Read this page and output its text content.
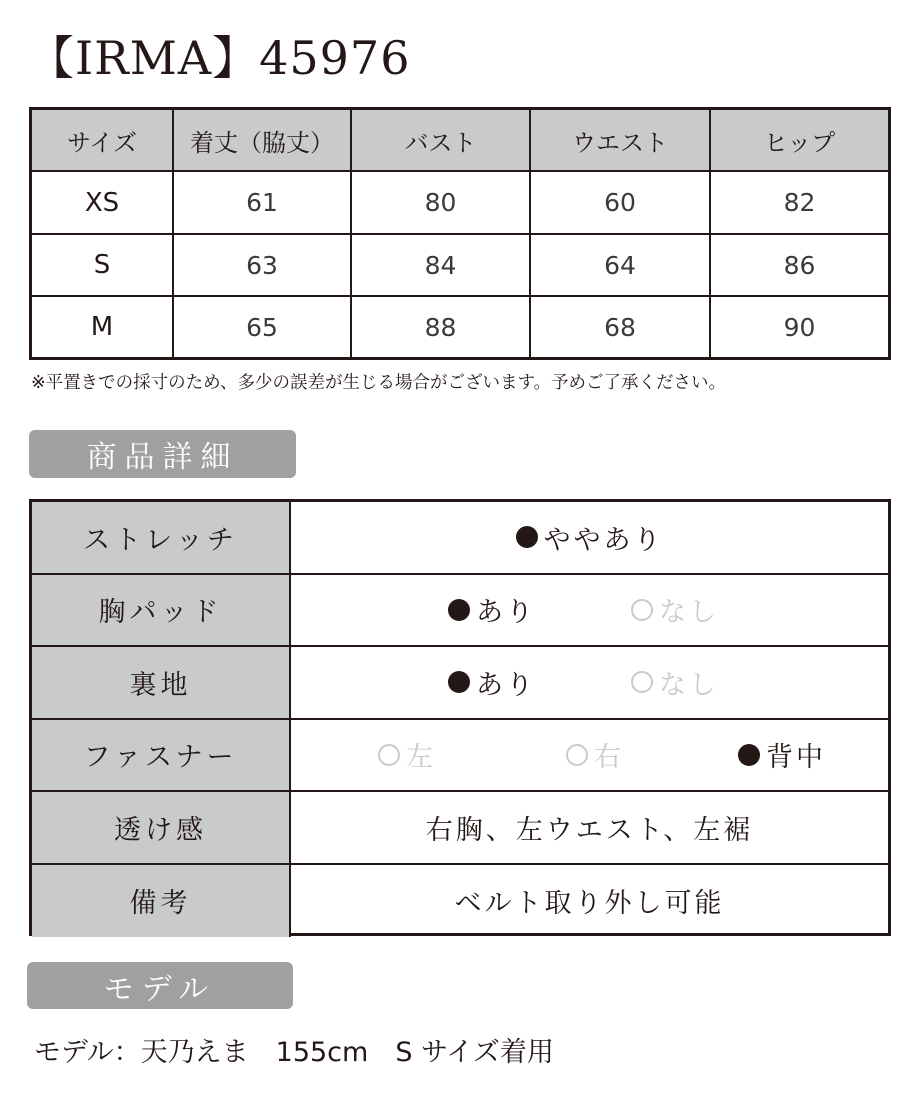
【IRMA】45976
サイズ	着丈（脇丈）	バスト	ウエスト	ヒップ
XS	61	80	60	82
S	63	84	64	86
M	65	88	68	90
※平置きでの採寸のため、多少の誤差が生じる場合がございます。予めご了承ください。
商品詳細
ストレッチ	ややあり
胸パッド	あり	なし
裏地	あり	なし
ファスナー	左	右	背中
透け感	右胸、左ウエスト、左裾
備考	ベルト取り外し可能
モデル
モデル：天乃えま　155cm　S サイズ着用
